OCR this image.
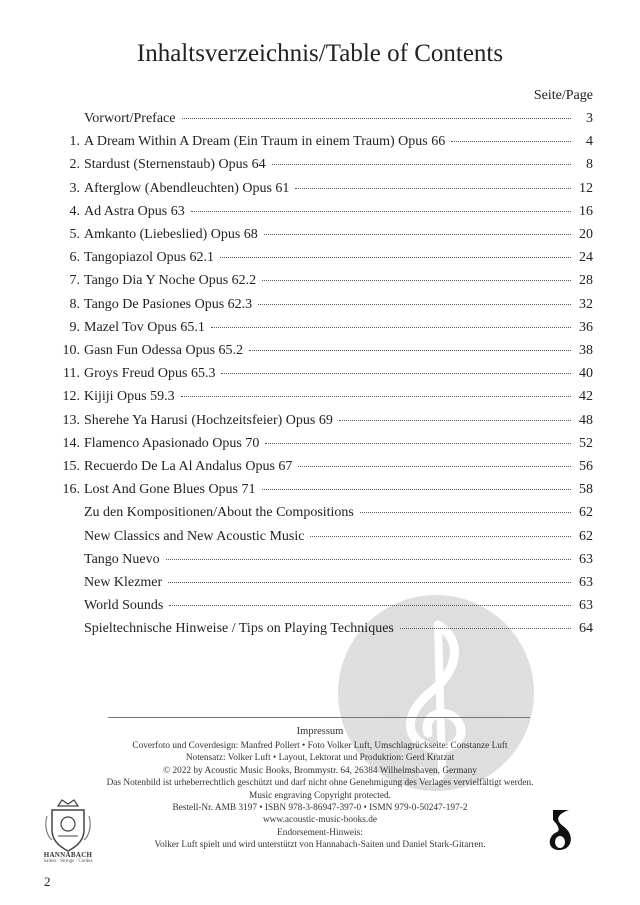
Inhaltsverzeichnis/Table of Contents
Seite/Page
Vorwort/Preface	3
1. A Dream Within A Dream (Ein Traum in einem Traum) Opus 66	4
2. Stardust (Sternenstaub) Opus 64	8
3. Afterglow (Abendleuchten) Opus 61	12
4. Ad Astra Opus 63	16
5. Amkanto (Liebeslied) Opus 68	20
6. Tangopiazol Opus 62.1	24
7. Tango Dia Y Noche Opus 62.2	28
8. Tango De Pasiones Opus 62.3	32
9. Mazel Tov Opus 65.1	36
10. Gasn Fun Odessa Opus 65.2	38
11. Groys Freud Opus 65.3	40
12. Kijiji Opus 59.3	42
13. Sherehe Ya Harusi (Hochzeitsfeier) Opus 69	48
14. Flamenco Apasionado Opus 70	52
15. Recuerdo De La Al Andalus Opus 67	56
16. Lost And Gone Blues Opus 71	58
Zu den Kompositionen/About the Compositions	62
New Classics and New Acoustic Music	62
Tango Nuevo	63
New Klezmer	63
World Sounds	63
Spieltechnische Hinweise / Tips on Playing Techniques	64
Impressum
Coverfoto und Coverdesign: Manfred Pollert • Foto Volker Luft, Umschlagrückseite: Constanze Luft
Notensatz: Volker Luft • Layout, Lektorat und Produktion: Gerd Kratzat
© 2022 by Acoustic Music Books, Brommystr. 64, 26384 Wilhelmshaven, Germany
Das Notenbild ist urheberrechtlich geschützt und darf nicht ohne Genehmigung des Verlages vervielfältigt werden.
Music engraving Copyright protected.
Bestell-Nr. AMB 3197 • ISBN 978-3-86947-397-0 • ISMN 979-0-50247-197-2
www.acoustic-music-books.de
Endorsement-Hinweis:
Volker Luft spielt und wird unterstützt von Hannabach-Saiten und Daniel Stark-Gitarren.
HANNABACH
Saiten · Strings · Cordes
2
